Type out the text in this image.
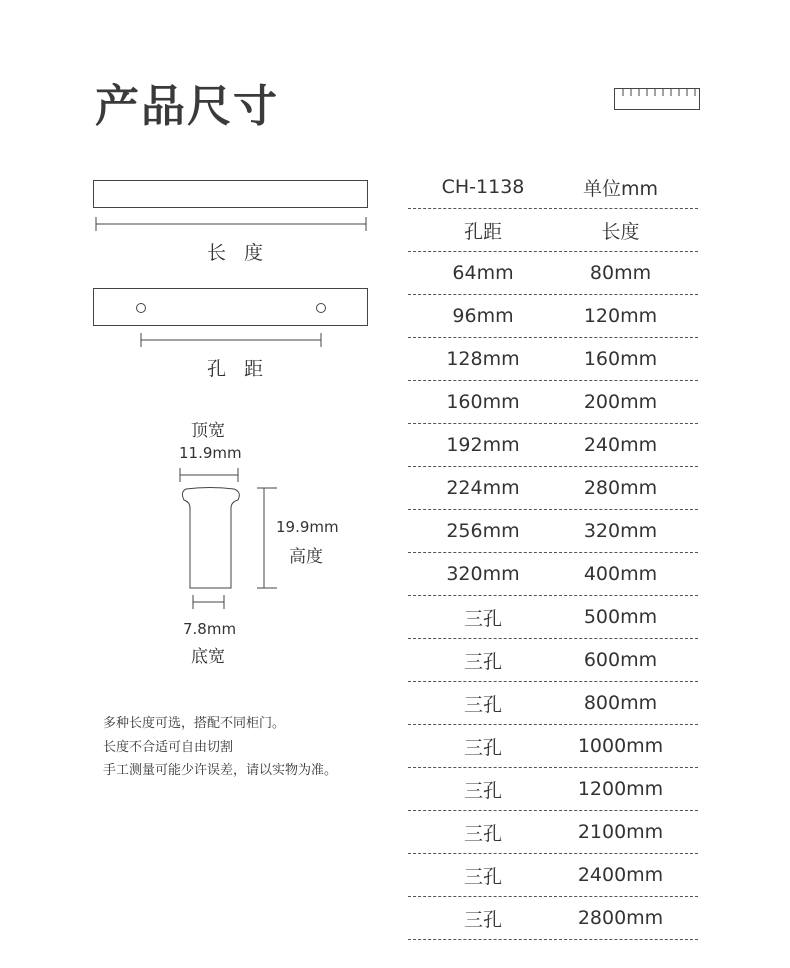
产品尺寸
长 度
孔 距
顶宽
11.9mm
19.9mm
高度
7.8mm
底宽
多种长度可选，搭配不同柜门。
长度不合适可自由切割
手工测量可能少许误差，请以实物为准。
CH-1138	单位mm
孔距	长度
64mm	80mm
96mm	120mm
128mm	160mm
160mm	200mm
192mm	240mm
224mm	280mm
256mm	320mm
320mm	400mm
三孔	500mm
三孔	600mm
三孔	800mm
三孔	1000mm
三孔	1200mm
三孔	2100mm
三孔	2400mm
三孔	2800mm
